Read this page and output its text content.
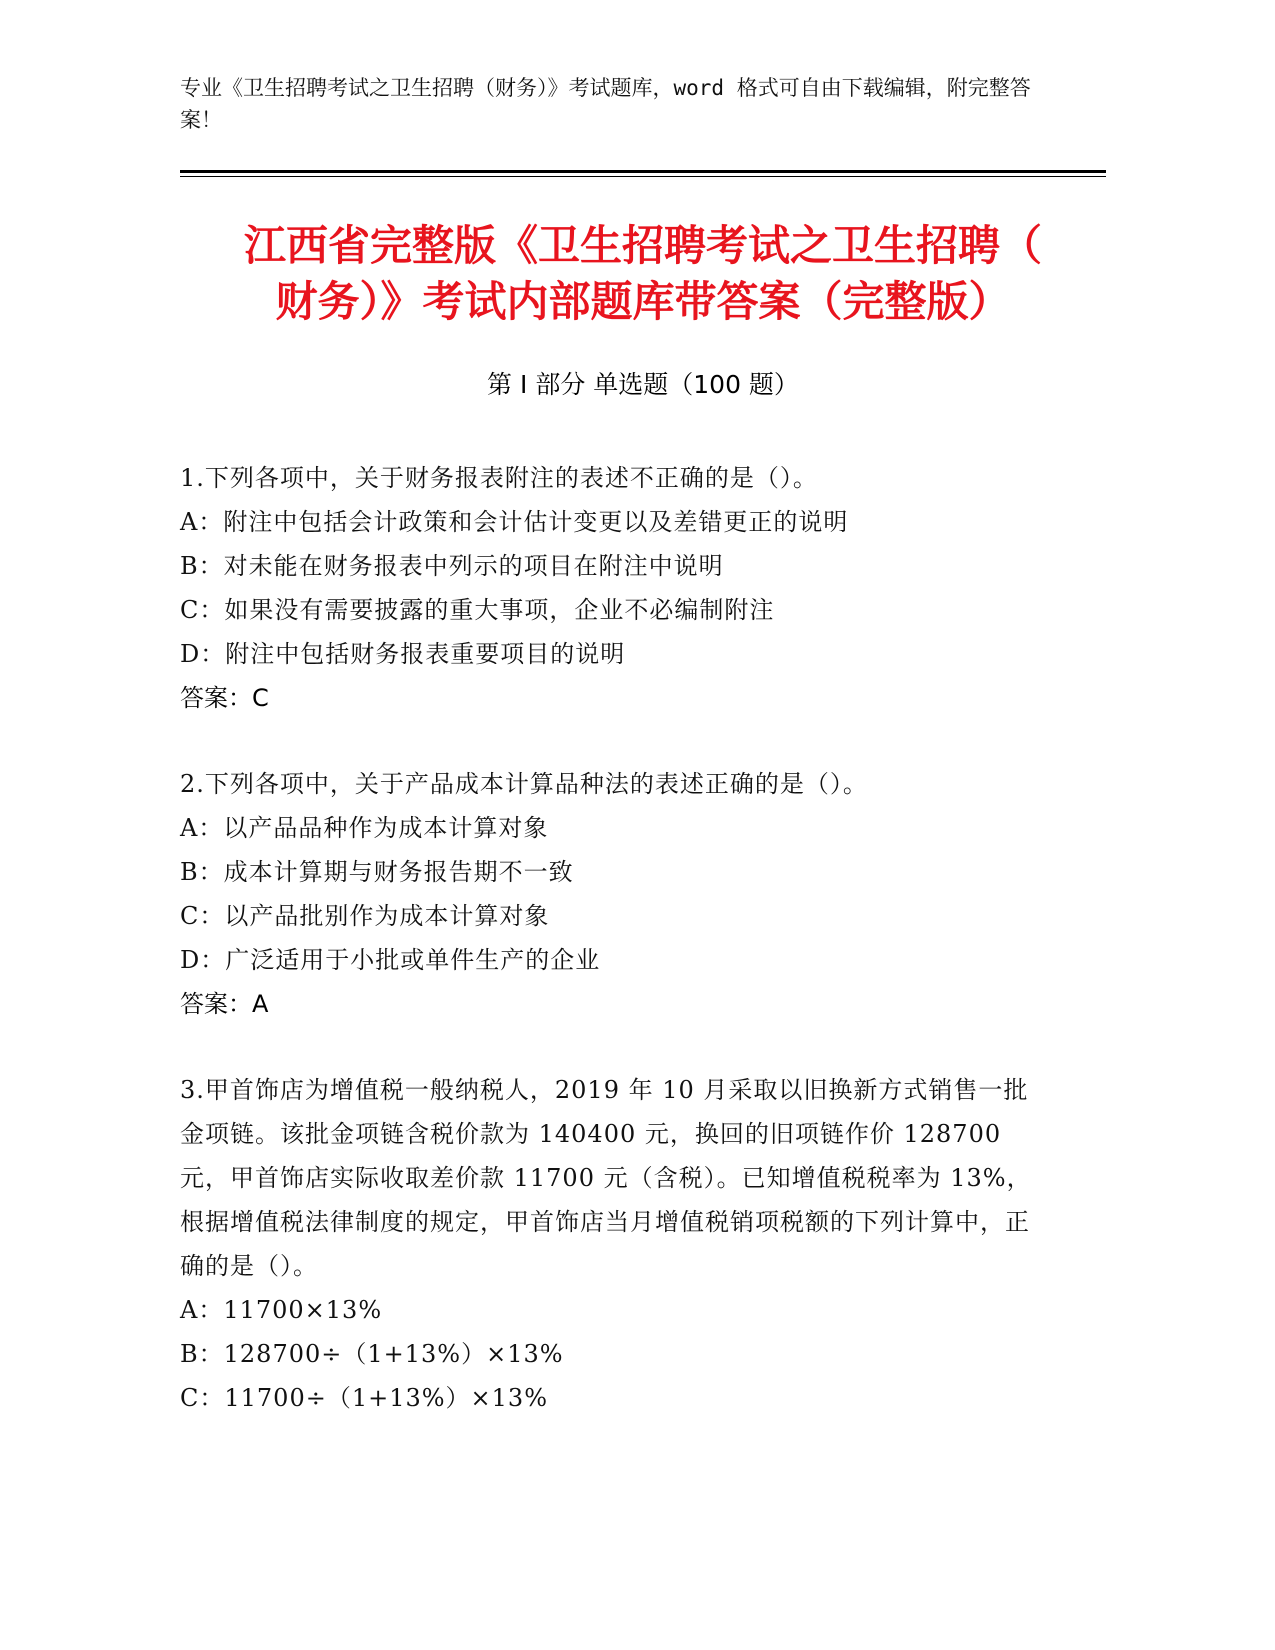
专业《卫生招聘考试之卫生招聘（财务）》考试题库，word 格式可自由下载编辑，附完整答案！
江西省完整版《卫生招聘考试之卫生招聘（
财务）》考试内部题库带答案（完整版）
第 I 部分 单选题（100 题）
1.下列各项中，关于财务报表附注的表述不正确的是（）。
A：附注中包括会计政策和会计估计变更以及差错更正的说明
B：对未能在财务报表中列示的项目在附注中说明
C：如果没有需要披露的重大事项，企业不必编制附注
D：附注中包括财务报表重要项目的说明
答案：C
2.下列各项中，关于产品成本计算品种法的表述正确的是（）。
A：以产品品种作为成本计算对象
B：成本计算期与财务报告期不一致
C：以产品批别作为成本计算对象
D：广泛适用于小批或单件生产的企业
答案：A
3.甲首饰店为增值税一般纳税人，2019 年 10 月采取以旧换新方式销售一批金项链。该批金项链含税价款为 140400 元，换回的旧项链作价 128700 元，甲首饰店实际收取差价款 11700 元（含税）。已知增值税税率为 13%，根据增值税法律制度的规定，甲首饰店当月增值税销项税额的下列计算中，正确的是（）。
A：11700×13%
B：128700÷（1+13%）×13%
C：11700÷（1+13%）×13%
